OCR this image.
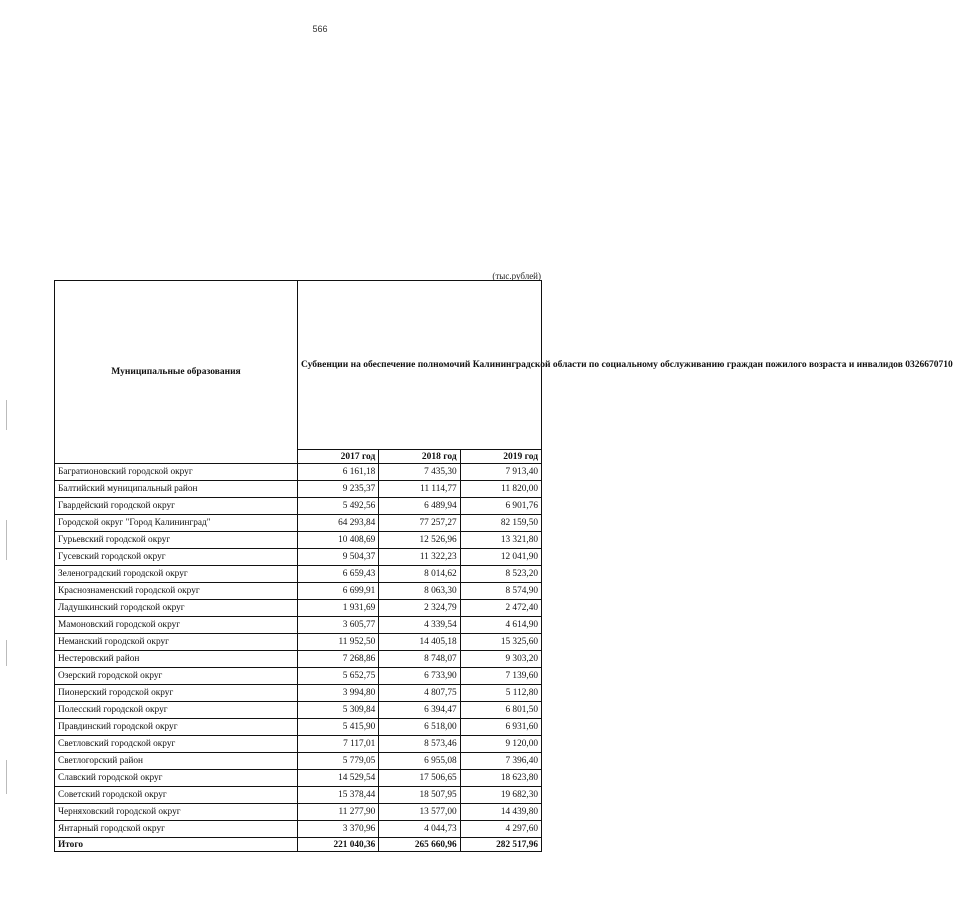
566
(тыс.рублей)
Муниципальные образования	Субвенции на обеспечение полномочий Калининградской области по социальному обслуживанию граждан пожилого возраста и инвалидов 0326670710		
	2017 год	2018 год	2019 год
Багратионовский городской округ	6 161,18	7 435,30	7 913,40
Балтийский муниципальный район	9 235,37	11 114,77	11 820,00
Гвардейский городской округ	5 492,56	6 489,94	6 901,76
Городской округ "Город Калининград"	64 293,84	77 257,27	82 159,50
Гурьевский городской округ	10 408,69	12 526,96	13 321,80
Гусевский городской округ	9 504,37	11 322,23	12 041,90
Зеленоградский городской округ	6 659,43	8 014,62	8 523,20
Краснознаменский городской округ	6 699,91	8 063,30	8 574,90
Ладушкинский городской округ	1 931,69	2 324,79	2 472,40
Мамоновский городской округ	3 605,77	4 339,54	4 614,90
Неманский городской округ	11 952,50	14 405,18	15 325,60
Нестеровский район	7 268,86	8 748,07	9 303,20
Озерский городской округ	5 652,75	6 733,90	7 139,60
Пионерский городской округ	3 994,80	4 807,75	5 112,80
Полесский городской округ	5 309,84	6 394,47	6 801,50
Правдинский городской округ	5 415,90	6 518,00	6 931,60
Светловский городской округ	7 117,01	8 573,46	9 120,00
Светлогорский район	5 779,05	6 955,08	7 396,40
Славский городской округ	14 529,54	17 506,65	18 623,80
Советский городской округ	15 378,44	18 507,95	19 682,30
Черняховский городской округ	11 277,90	13 577,00	14 439,80
Янтарный городской округ	3 370,96	4 044,73	4 297,60
Итого	221 040,36	265 660,96	282 517,96
